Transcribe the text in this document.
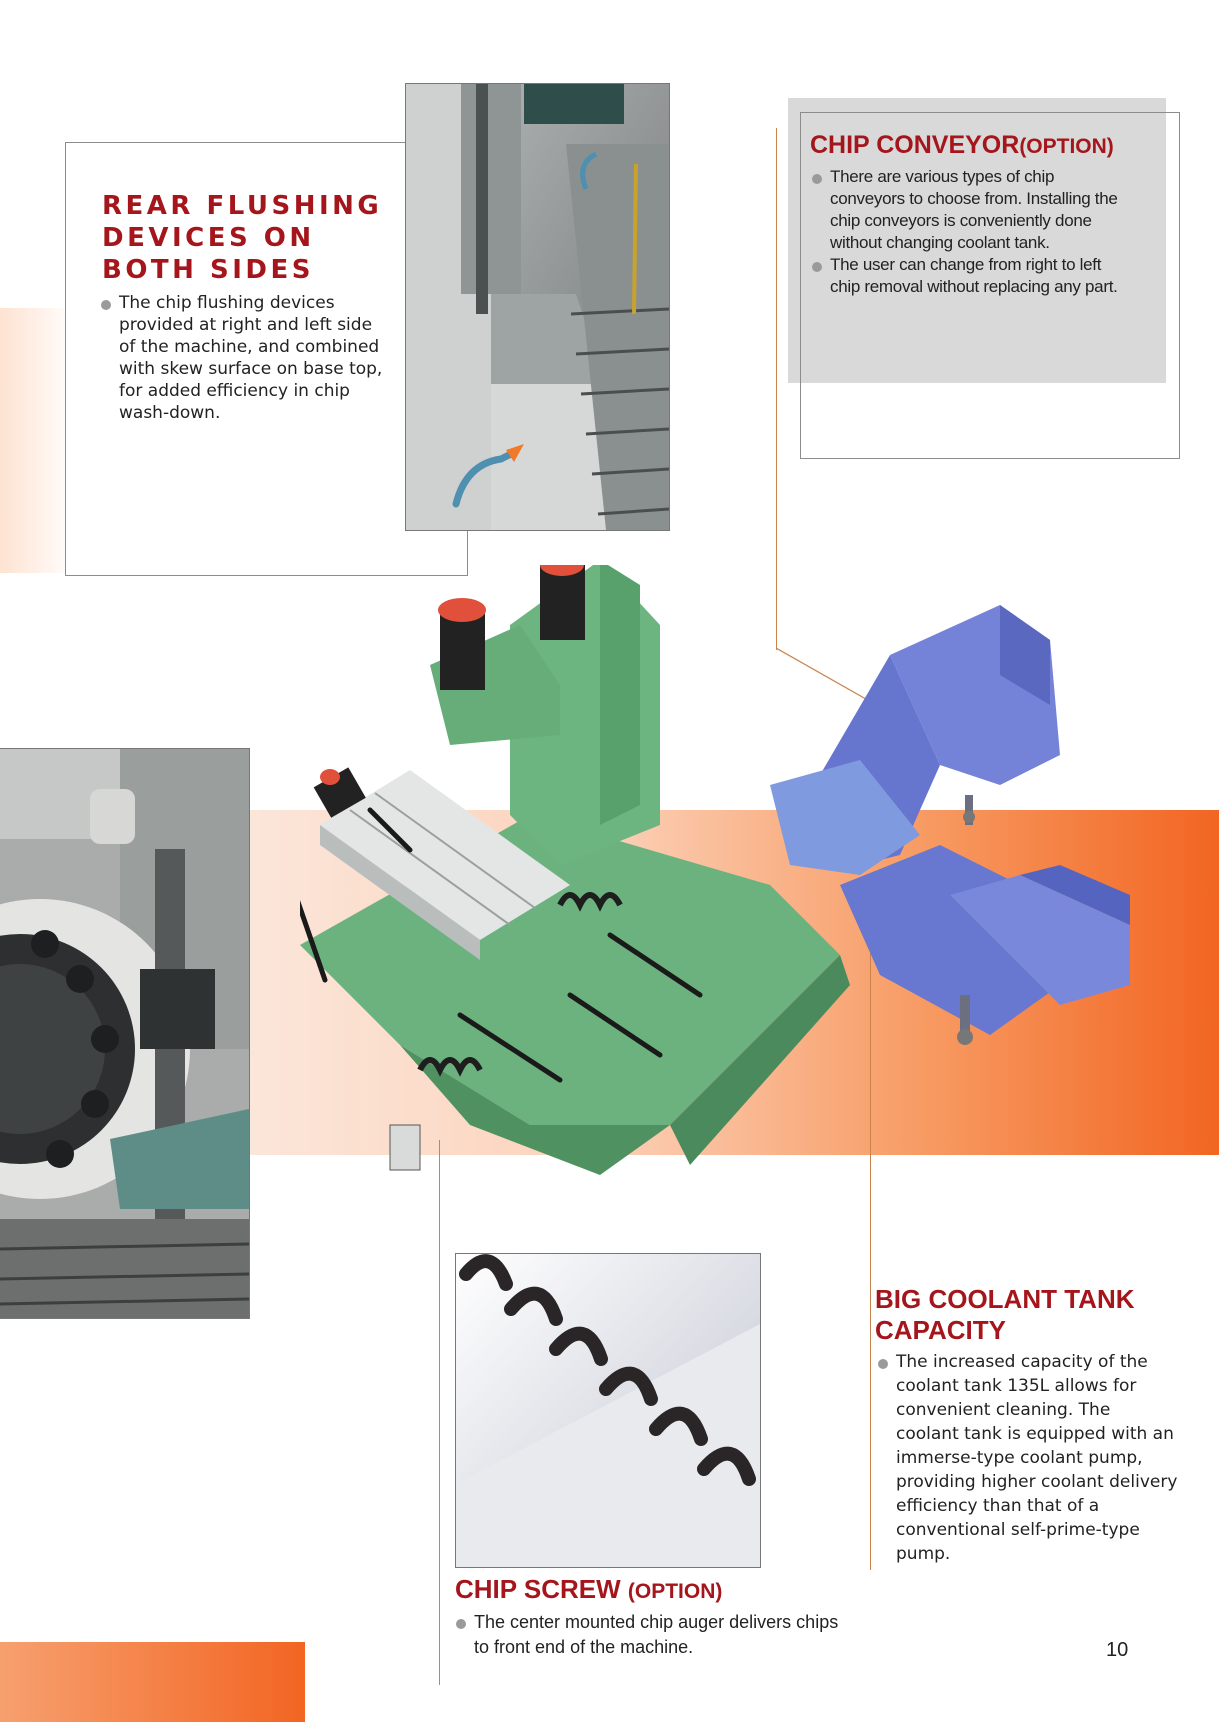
REAR FLUSHING DEVICES ON BOTH SIDES
The chip flushing devices provided at right and left side of the machine, and combined with skew surface on base top, for added efficiency in chip wash-down.
CHIP CONVEYOR(OPTION)
There are various types of chip conveyors to choose from. Installing the chip conveyors is conveniently done without changing coolant tank.
The user can change from right to left chip removal without replacing any part.
CHIP SCREW (OPTION)
The center mounted chip auger delivers chips to front end of the machine.
BIG COOLANT TANK CAPACITY
The increased capacity of the coolant tank 135L allows for convenient cleaning. The coolant tank is equipped with an immerse-type coolant pump, providing higher coolant delivery efficiency than that of a conventional self-prime-type pump.
10
